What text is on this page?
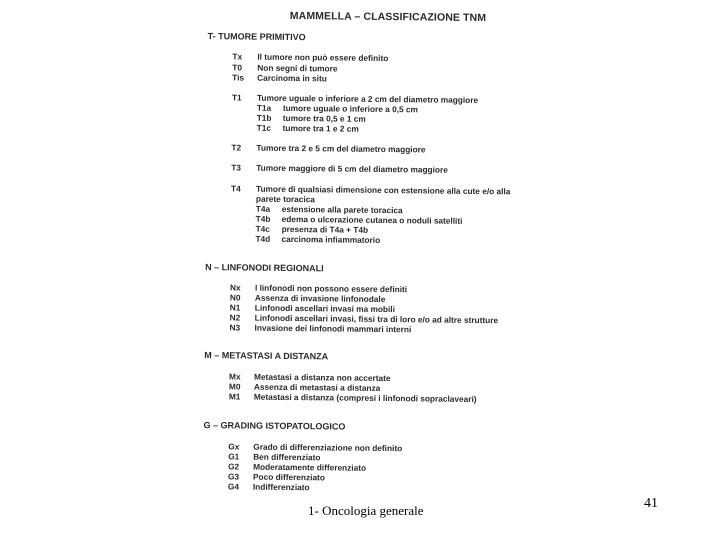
MAMMELLA – CLASSIFICAZIONE TNM
T- TUMORE PRIMITIVO
Tx Il tumore non può essere definito
T0 Non segni di tumore
Tis Carcinoma in situ
T1 Tumore uguale o inferiore a 2 cm del diametro maggiore
T1a tumore uguale o inferiore a 0,5 cm
T1b tumore tra 0,5 e 1 cm
T1c tumore tra 1 e 2 cm
T2 Tumore tra 2 e 5 cm del diametro maggiore
T3 Tumore maggiore di 5 cm del diametro maggiore
T4 Tumore di qualsiasi dimensione con estensione alla cute e/o alla
parete toracica
T4a estensione alla parete toracica
T4b edema o ulcerazione cutanea o noduli satelliti
T4c presenza di T4a + T4b
T4d carcinoma infiammatorio
N – LINFONODI REGIONALI
Nx I linfonodi non possono essere definiti
N0 Assenza di invasione linfonodale
N1 Linfonodi ascellari invasi ma mobili
N2 Linfonodi ascellari invasi, fissi tra di loro e/o ad altre strutture
N3 Invasione dei linfonodi mammari interni
M – METASTASI A DISTANZA
Mx Metastasi a distanza non accertate
M0 Assenza di metastasi a distanza
M1 Metastasi a distanza (compresi i linfonodi sopraclaveari)
G – GRADING ISTOPATOLOGICO
Gx Grado di differenziazione non definito
G1 Ben differenziato
G2 Moderatamente differenziato
G3 Poco differenziato
G4 Indifferenziato
1- Oncologia generale	41
